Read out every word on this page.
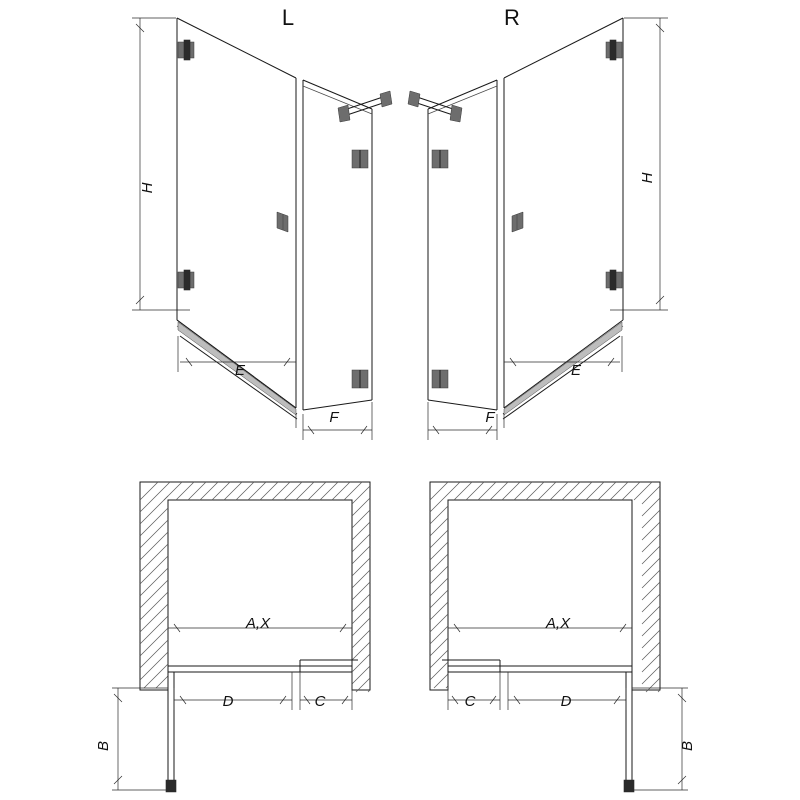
L	R
H
H
E
F
E
F
A,X	A,X
D	C
B
C	D
B
